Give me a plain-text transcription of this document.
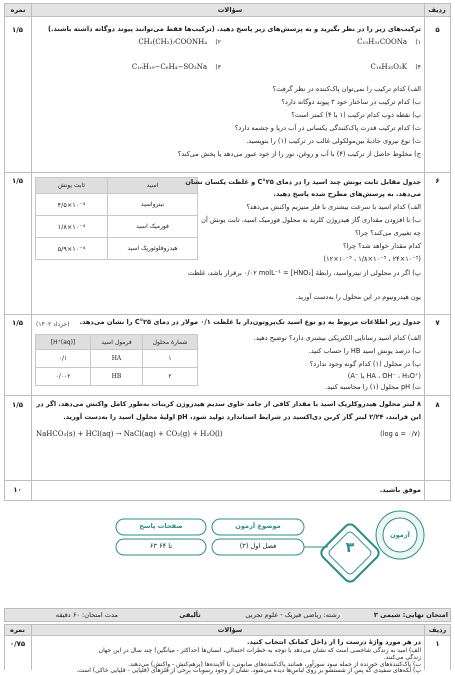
نمره	سؤالات	ردیف
۵
۱/۵	ترکیب‌های زیر را در نظر بگیرید و به پرسش‌های زیر پاسخ دهید. (ترکیب‌ها فقط می‌توانند پیوند دوگانه داشته باشند.)
(۱
C₁₅H₃₁COONa
(۲
CH₃(CH₂)₇COONH₄
(۳
C₁₀H₁₉−C₆H₄−SO₃Na	(۴
C₁₈H₃₅O₃K
الف) کدام ترکیب را نمی‌توان پاک‌کننده در نظر گرفت؟
ب) کدام ترکیب در ساختار خود ۳ پیوند دوگانه دارد؟
پ) نقطه ذوب کدام ترکیب (۱ یا ۴) کمتر است؟
ت) کدام ترکیب قدرت پاک‌کنندگی یکسانی در آب دریا و چشمه دارد؟
ث) نوع نیروی جاذبهٔ بین‌مولکولی غالب در ترکیب (۱) را بنویسید.
ج) مخلوط حاصل از ترکیب (۴) با آب و روغن، نور را از خود عبور می‌دهد یا پخش می‌کند؟
۶
۱/۵
ثابت یونش	اسید
۴/۵×۱۰⁻⁴	نیترواسید
۱/۸×۱۰⁻⁴	فورمیک اسید
۵/۹×۱۰⁻⁴	هیدروفلوئوریک اسید
جدول مقابل ثابت یونش چند اسید را در دمای ۲۵°C و غلظت یکسان نشان
می‌دهد. به پرسش‌های مطرح شده پاسخ دهید.
الف) کدام اسید با سرعت بیشتری با فلز منیزیم واکنش می‌دهد؟
ب) با افزودن مقداری گاز هیدروژن کلرید به محلول فورمیک اسید، ثابت یونش آن
چه تغییری می‌کند؟ چرا؟
کدام مقدار خواهد شد؟ چرا؟
(۱۲×۱۰⁻⁵ ، ۱/۸×۱۰⁻⁵ ، ۲۴×۱۰⁻⁵)
پ) اگر در محلولی از نیترواسید، رابطهٔ [HNO₂] = ۰/۰۲ molL⁻¹ برقرار باشد، غلظت
یون هیدرونیوم در این محلول را به‌دست آورید.
۷
۱/۵	جدول زیر اطلاعات مربوط به دو نوع اسید تک‌پروتون‌دار با غلظت ۰/۱ مولار در دمای ۲۵°C را نشان می‌دهد.
(خرداد ۱۴۰۲)
[H⁺(aq)]	فرمول اسید	شمارهٔ محلول
۰/۱	HA	۱
۰/۰۰۲	HB	۲
الف) کدام اسید رسانایی الکتریکی بیشتری دارد؟ توضیح دهید.
ب) درصد یونش اسید HB را حساب کنید.
پ) در محلول (۱) کدام گونه وجود ندارد؟
(A⁻ یا HA ، OH⁻ ، H₃O⁺)
ت) pH محلول (۱) را محاسبه کنید.
۸
۱/۵	۸ لیتر محلول هیدروکلریک اسید با مقدار کافی از جامد حاوی سدیم هیدروژن کربنات به‌طور کامل واکنش می‌دهد. اگر در
این فرایند، ۲/۲۴ لیتر گاز کربن دی‌اکسید در شرایط استاندارد تولید شود، pH اولیهٔ محلول اسید را به‌دست آورید.
NaHCO₃(s) + HCl(aq) → NaCl(aq) + CO₂(g) + H₂O(l)	(log ۵ = ۰/۷)
۱۰	موفق باشید.
موضوع آزمون
صفحات پاسخ
فصل اول (۳)
۶۳ تا ۶۴	۳
آزمون
امتحان نهایی: شیمی ۳
رشته: ریاضی فیزیک - علوم تجربی
تألیفی
مدت امتحان: ۶۰ دقیقه
نمره	سؤالات	ردیف
۱
۰/۷۵	در هر مورد واژهٔ درست را از داخل کمانک انتخاب کنید.
الف) امید به زندگی شاخصی است که نشان می‌دهد با توجه به خطرات احتمالی، انسان‌ها (حداکثر - میانگین) چند سال در این جهان
زندگی می‌کنند.
ب) پاک‌کننده‌های خورنده از جمله سود سوزآور، همانند پاک‌کننده‌های صابونی، با آلاینده‌ها (برهم‌کنش - واکنش) می‌دهند.
پ) لکه‌های سفیدی که پس از شستشو بر روی لباس‌ها دیده می‌شود، نشان از وجود رسوبات برخی از فلزهای (قلیایی - قلیایی خاکی) است.
